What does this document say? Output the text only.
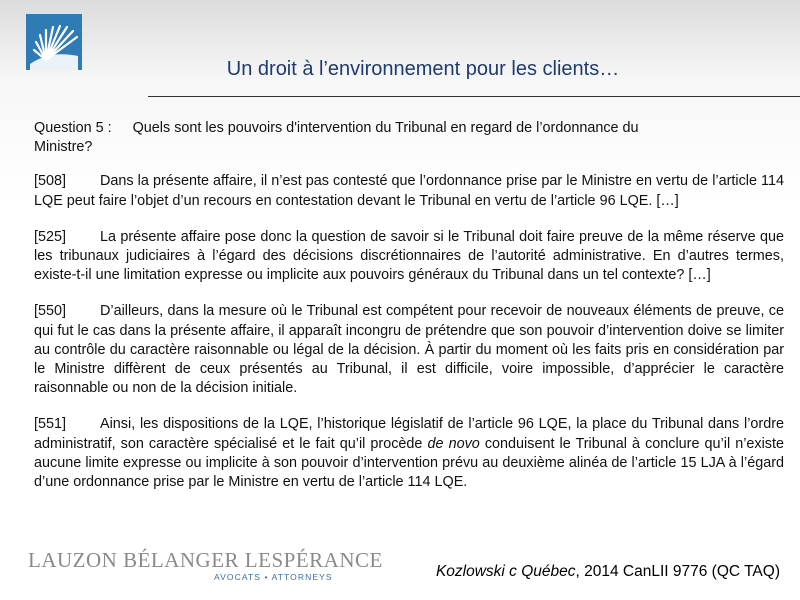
Un droit à l’environnement pour les clients…
Question 5 : Quels sont les pouvoirs d'intervention du Tribunal en regard de l’ordonnance du
Ministre?

[508] Dans la présente affaire, il n’est pas contesté que l’ordonnance prise par le Ministre en vertu de l’article 114 LQE peut faire l’objet d’un recours en contestation devant le Tribunal en vertu de l’article 96 LQE. […]

[525] La présente affaire pose donc la question de savoir si le Tribunal doit faire preuve de la même réserve que les tribunaux judiciaires à l’égard des décisions discrétionnaires de l’autorité administrative. En d’autres termes, existe-t-il une limitation expresse ou implicite aux pouvoirs généraux du Tribunal dans un tel contexte? […]

[550] D’ailleurs, dans la mesure où le Tribunal est compétent pour recevoir de nouveaux éléments de preuve, ce qui fut le cas dans la présente affaire, il apparaît incongru de prétendre que son pouvoir d’intervention doive se limiter au contrôle du caractère raisonnable ou légal de la décision. À partir du moment où les faits pris en considération par le Ministre diffèrent de ceux présentés au Tribunal, il est difficile, voire impossible, d’apprécier le caractère raisonnable ou non de la décision initiale.

[551] Ainsi, les dispositions de la LQE, l’historique législatif de l’article 96 LQE, la place du Tribunal dans l’ordre administratif, son caractère spécialisé et le fait qu’il procède de novo conduisent le Tribunal à conclure qu’il n’existe aucune limite expresse ou implicite à son pouvoir d’intervention prévu au deuxième alinéa de l’article 15 LJA à l’égard d’une ordonnance prise par le Ministre en vertu de l’article 114 LQE.

LAUZON BÉLANGER LESPÉRANCE
AVOCATS • ATTORNEYS	Kozlowski c Québec, 2014 CanLII 9776 (QC TAQ)
